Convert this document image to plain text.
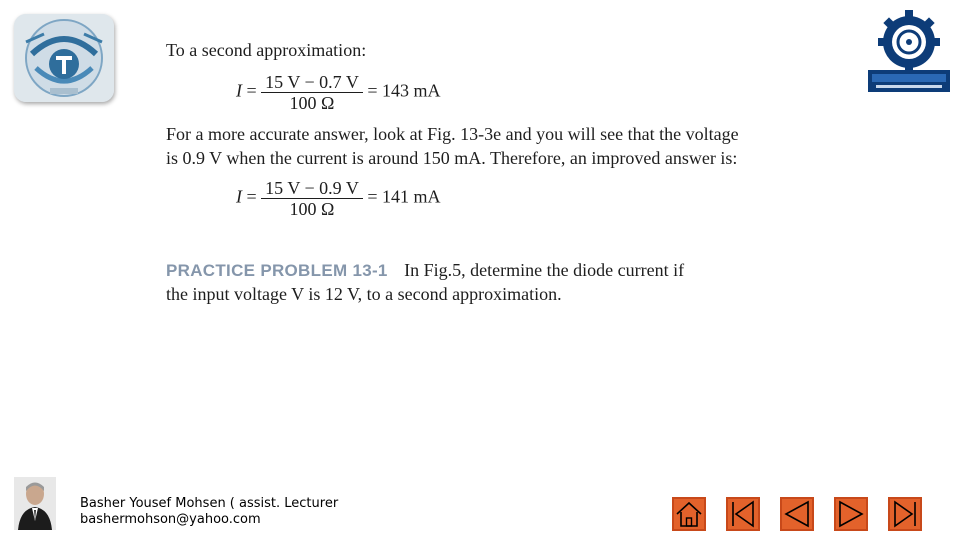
To a second approximation:
$I = \frac{15 V - 0.7 V}{100 \Omega} = 143$ mA
For a more accurate answer, look at Fig. 13-3e and you will see that the voltage
is 0.9 V when the current is around 150 mA. Therefore, an improved answer is:
$I = \frac{15 V - 0.9 V}{100 \Omega} = 141$ mA
PRACTICE PROBLEM 13-1 In Fig.5, determine the diode current if
the input voltage V is 12 V, to a second approximation.
Basher Yousef Mohsen ( assist. Lecturer
bashermohson@yahoo.com
